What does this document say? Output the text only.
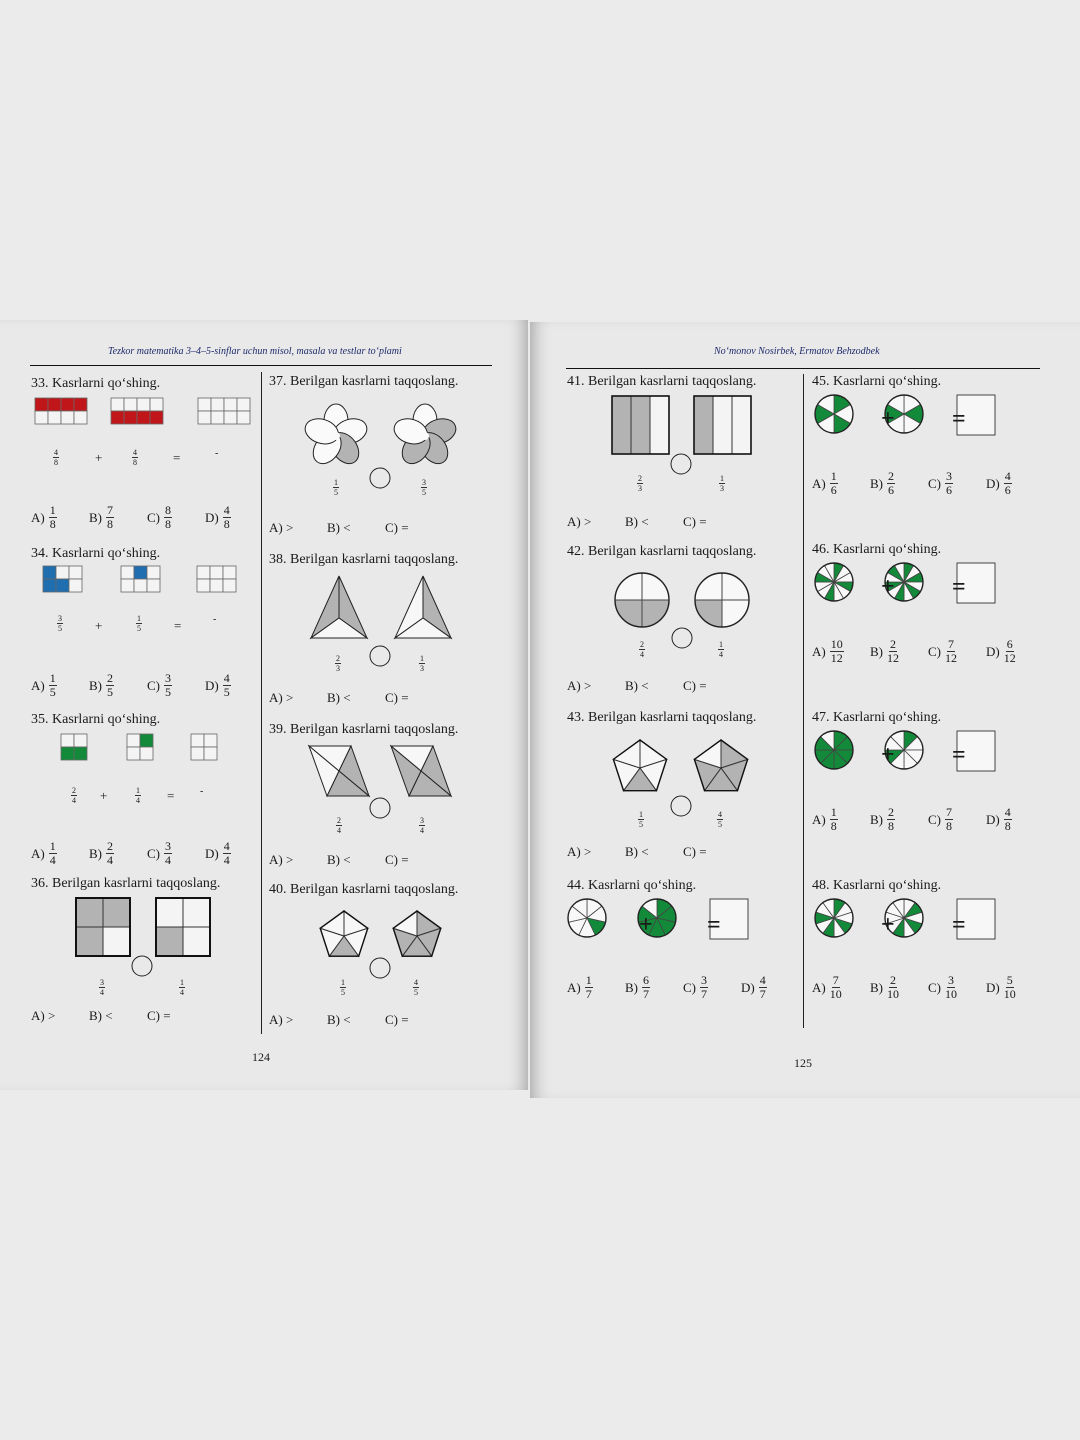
Tezkor matematika 3–4–5-sinflar uchun misol, masala va testlar to‘plami
33. Kasrlarni qo‘shing.
$\frac{4}{8}$	+	$\frac{4}{8}$	=	-
$A) \frac{1}{8} B) \frac{7}{8}$	$C) \frac{8}{8}$	$D) \frac{4}{8}$
34. Kasrlarni qo‘shing.
$\frac{3}{5}$ +	$\frac{1}{5}$ =	-
$A) \frac{1}{5} B) \frac{2}{5}$	$C) \frac{3}{5}$	$D) \frac{4}{5}$
35. Kasrlarni qo‘shing.
$\frac{2}{4}$ +	$\frac{1}{4}$ =	-
$A) \frac{1}{4} B) \frac{2}{4}$	$C) \frac{3}{4}$	$D) \frac{4}{4}$
36. Berilgan kasrlarni taqqoslang.
$\frac{3}{4}$	$\frac{1}{4}$
A) >	B) <	C) =
37. Berilgan kasrlarni taqqoslang.
$\frac{1}{5}$	$\frac{3}{5}$
A) >	B) <	C) =
38. Berilgan kasrlarni taqqoslang.
$\frac{2}{3}$	$\frac{1}{3}$
A) >	B) <	C) =
39. Berilgan kasrlarni taqqoslang.
$\frac{2}{4}$	$\frac{3}{4}$
A) >	B) <	C) =
40. Berilgan kasrlarni taqqoslang.
$\frac{1}{5}$	$\frac{4}{5}$
A) >	B) <	C) =
124
No‘monov Nosirbek, Ermatov Behzodbek
41. Berilgan kasrlarni taqqoslang.
$\frac{2}{3}$	$\frac{1}{3}$
A) >	B) <	C) =
42. Berilgan kasrlarni taqqoslang.
$\frac{2}{4}$	$\frac{1}{4}$
A) >	B) <	C) =
43. Berilgan kasrlarni taqqoslang.
$\frac{1}{5}$	$\frac{4}{5}$
A) >	B) <	C) =
44. Kasrlarni qo‘shing.
+ =
$A) \frac{1}{7} B) \frac{6}{7}$	$C) \frac{3}{7}$	$D) \frac{4}{7}$
45. Kasrlarni qo‘shing.
+ =
$A) \frac{1}{6} B) \frac{2}{6}$	$C) \frac{3}{6}$	$D) \frac{4}{6}$
46. Kasrlarni qo‘shing.
+ =
$A) \frac{10}{12} B) \frac{2}{12} C) \frac{7}{12} D) \frac{6}{12}$
47. Kasrlarni qo‘shing.
+ =
$A) \frac{1}{8} B) \frac{2}{8}$	$C) \frac{7}{8}$	$D) \frac{4}{8}$
48. Kasrlarni qo‘shing.
+ =
$A) \frac{7}{10} B) \frac{2}{10} C) \frac{3}{10} D) \frac{5}{10}$
125
